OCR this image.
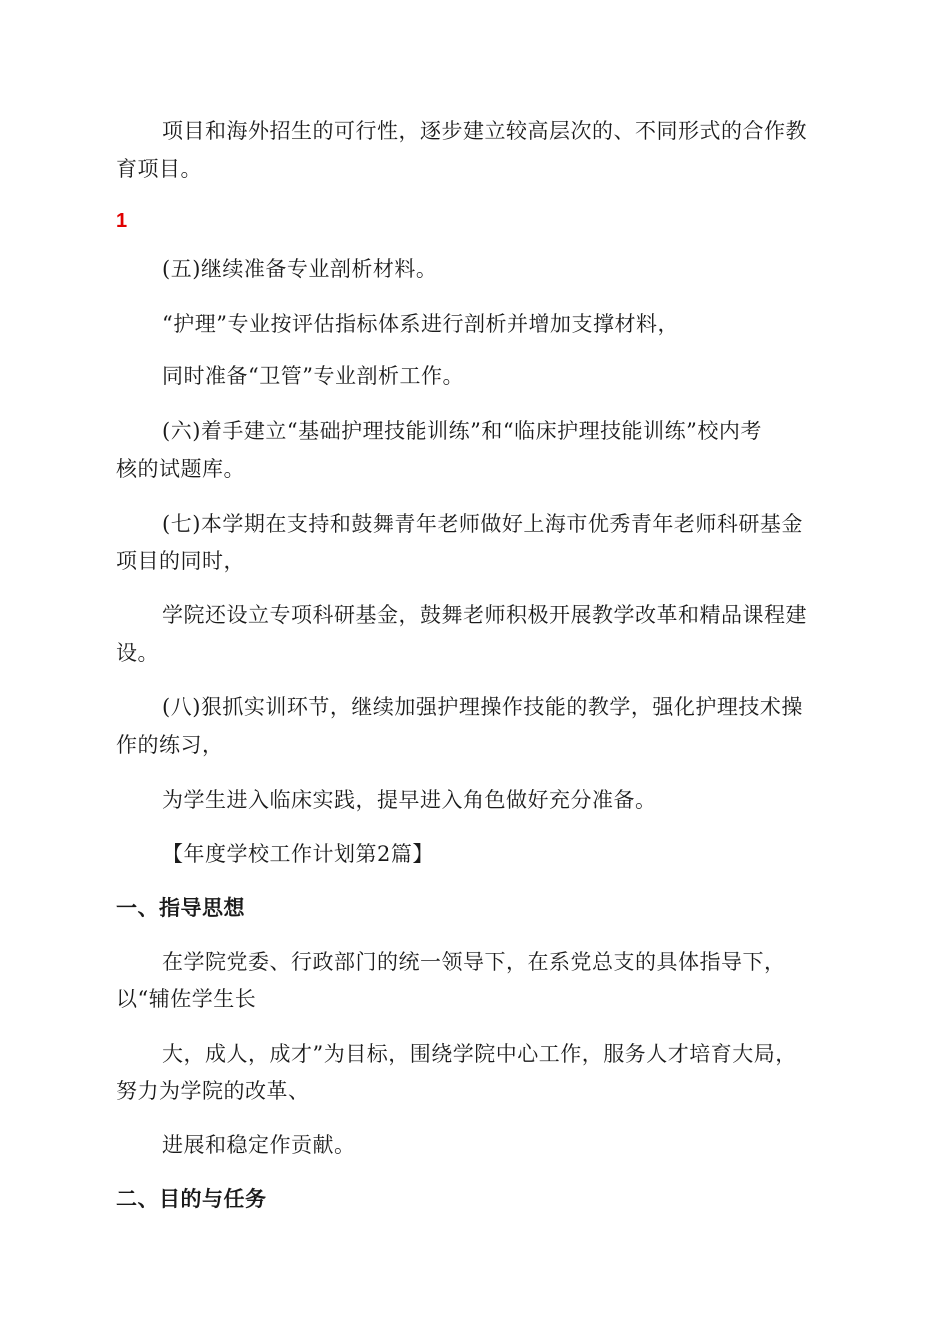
项目和海外招生的可行性，逐步建立较高层次的、不同形式的合作教
育项目。
1
(五)继续准备专业剖析材料。
“护理”专业按评估指标体系进行剖析并增加支撑材料，
同时准备“卫管”专业剖析工作。
(六)着手建立“基础护理技能训练”和“临床护理技能训练”校内考
核的试题库。
(七)本学期在支持和鼓舞青年老师做好上海市优秀青年老师科研基金
项目的同时，
学院还设立专项科研基金，鼓舞老师积极开展教学改革和精品课程建
设。
(八)狠抓实训环节，继续加强护理操作技能的教学，强化护理技术操
作的练习，
为学生进入临床实践，提早进入角色做好充分准备。
【年度学校工作计划第2篇】
一、指导思想
在学院党委、行政部门的统一领导下，在系党总支的具体指导下，
以“辅佐学生长
大，成人，成才”为目标，围绕学院中心工作，服务人才培育大局，
努力为学院的改革、
进展和稳定作贡献。
二、目的与任务
